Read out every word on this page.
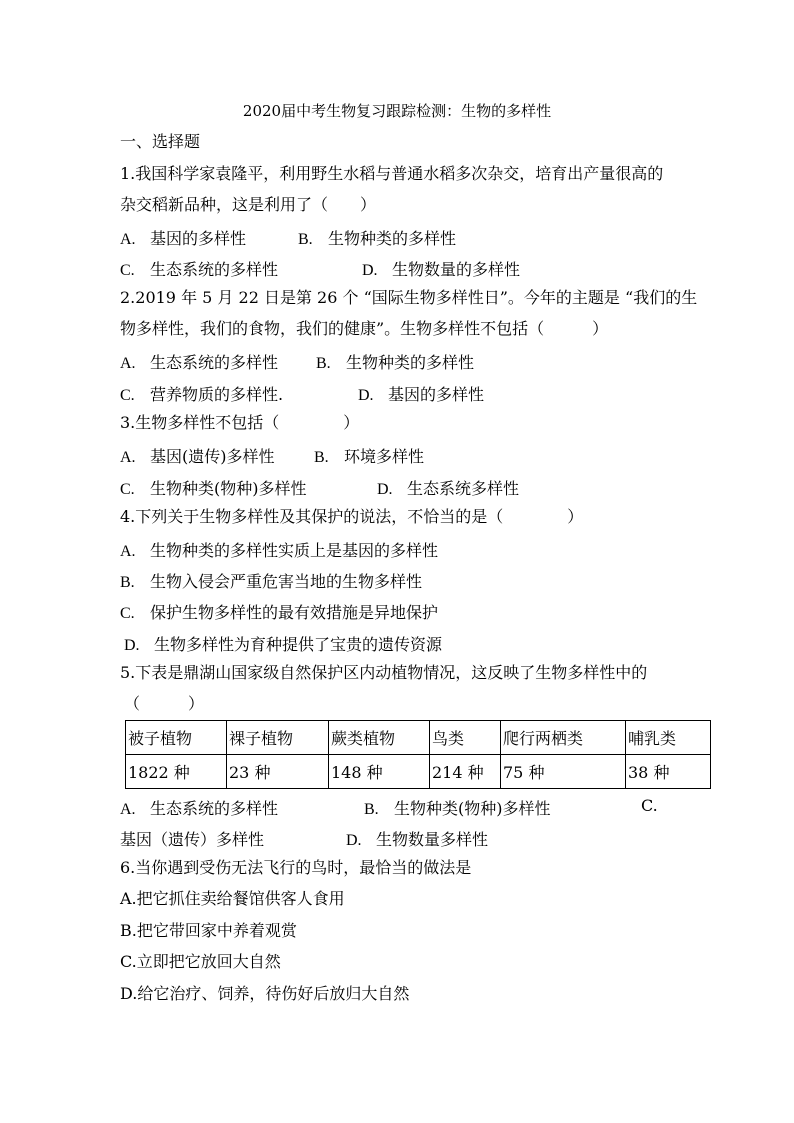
2020届中考生物复习跟踪检测：生物的多样性
一、选择题
1.我国科学家袁隆平，利用野生水稻与普通水稻多次杂交，培育出产量很高的
杂交稻新品种，这是利用了（　　）
A. 基因的多样性	B. 生物种类的多样性
C. 生态系统的多样性	D. 生物数量的多样性
2.2019 年 5 月 22 日是第 26 个 “国际生物多样性日”。今年的主题是 “我们的生
物多样性，我们的食物，我们的健康”。生物多样性不包括（　　　）
A. 生态系统的多样性 B. 生物种类的多样性
C. 营养物质的多样性.	D. 基因的多样性
3.生物多样性不包括（　　　　）
A. 基因(遗传)多样性 B. 环境多样性
C. 生物种类(物种)多样性	D. 生态系统多样性
4.下列关于生物多样性及其保护的说法，不恰当的是（　　　　）
A. 生物种类的多样性实质上是基因的多样性
B. 生物入侵会严重危害当地的生物多样性
C. 保护生物多样性的最有效措施是异地保护
D. 生物多样性为育种提供了宝贵的遗传资源
5.下表是鼎湖山国家级自然保护区内动植物情况，这反映了生物多样性中的
（　　　）
被子植物	裸子植物	蕨类植物	鸟类	爬行两栖类	哺乳类
1822 种	23 种	148 种	214 种	75 种	38 种
A. 生态系统的多样性	B. 生物种类(物种)多样性	C.
基因（遗传）多样性	D. 生物数量多样性
6.当你遇到受伤无法飞行的鸟时，最恰当的做法是
A.把它抓住卖给餐馆供客人食用
B.把它带回家中养着观赏
C.立即把它放回大自然
D.给它治疗、饲养，待伤好后放归大自然
